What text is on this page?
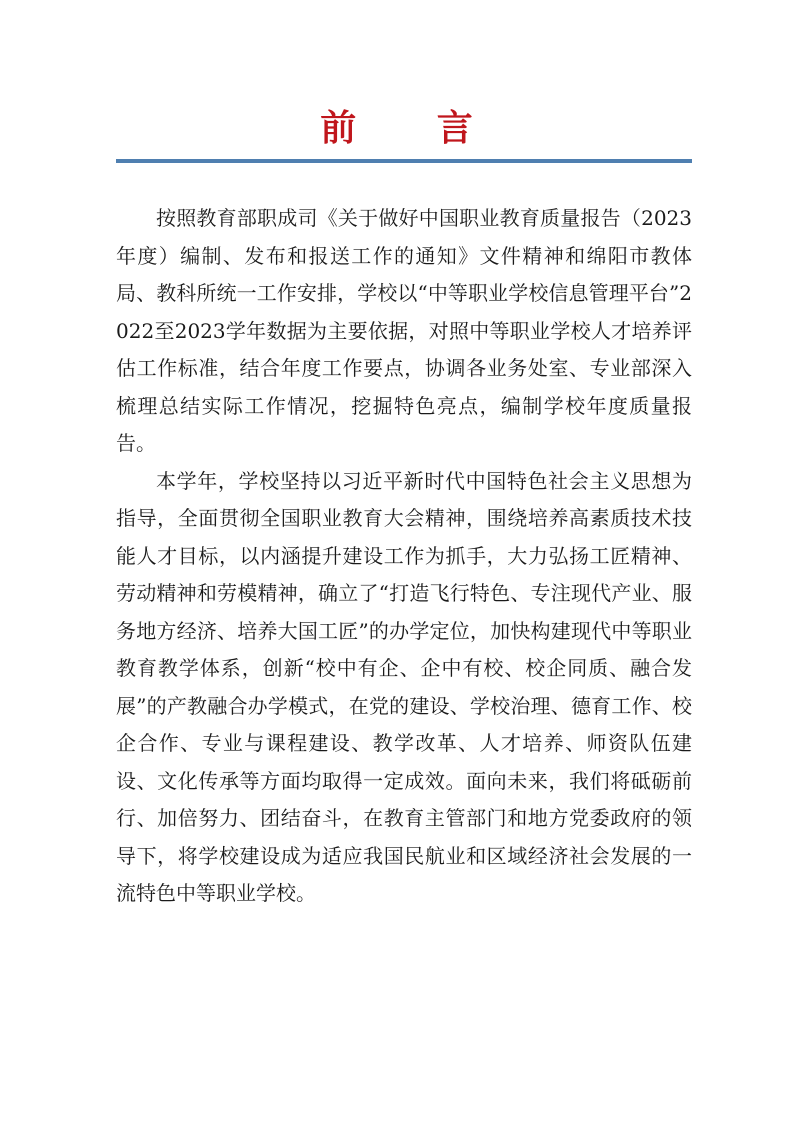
前 言

按照教育部职成司《关于做好中国职业教育质量报告（2023年度）编制、发布和报送工作的通知》文件精神和绵阳市教体局、教科所统一工作安排，学校以“中等职业学校信息管理平台”2022至2023学年数据为主要依据，对照中等职业学校人才培养评估工作标准，结合年度工作要点，协调各业务处室、专业部深入梳理总结实际工作情况，挖掘特色亮点，编制学校年度质量报告。

本学年，学校坚持以习近平新时代中国特色社会主义思想为指导，全面贯彻全国职业教育大会精神，围绕培养高素质技术技能人才目标，以内涵提升建设工作为抓手，大力弘扬工匠精神、劳动精神和劳模精神，确立了“打造飞行特色、专注现代产业、服务地方经济、培养大国工匠”的办学定位，加快构建现代中等职业教育教学体系，创新“校中有企、企中有校、校企同质、融合发展”的产教融合办学模式，在党的建设、学校治理、德育工作、校企合作、专业与课程建设、教学改革、人才培养、师资队伍建设、文化传承等方面均取得一定成效。面向未来，我们将砥砺前行、加倍努力、团结奋斗，在教育主管部门和地方党委政府的领导下，将学校建设成为适应我国民航业和区域经济社会发展的一流特色中等职业学校。
